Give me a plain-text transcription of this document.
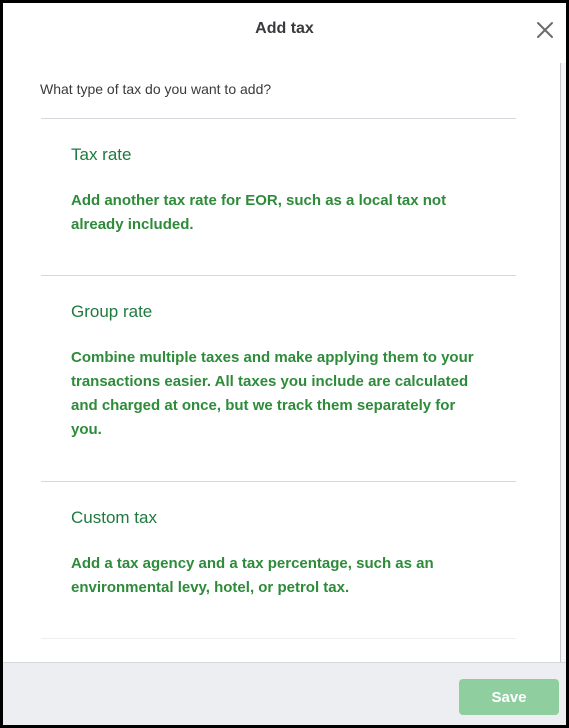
Add tax
What type of tax do you want to add?
Tax rate
Add another tax rate for EOR, such as a local tax not already included.
Group rate
Combine multiple taxes and make applying them to your transactions easier. All taxes you include are calculated and charged at once, but we track them separately for you.
Custom tax
Add a tax agency and a tax percentage, such as an environmental levy, hotel, or petrol tax.
Save
